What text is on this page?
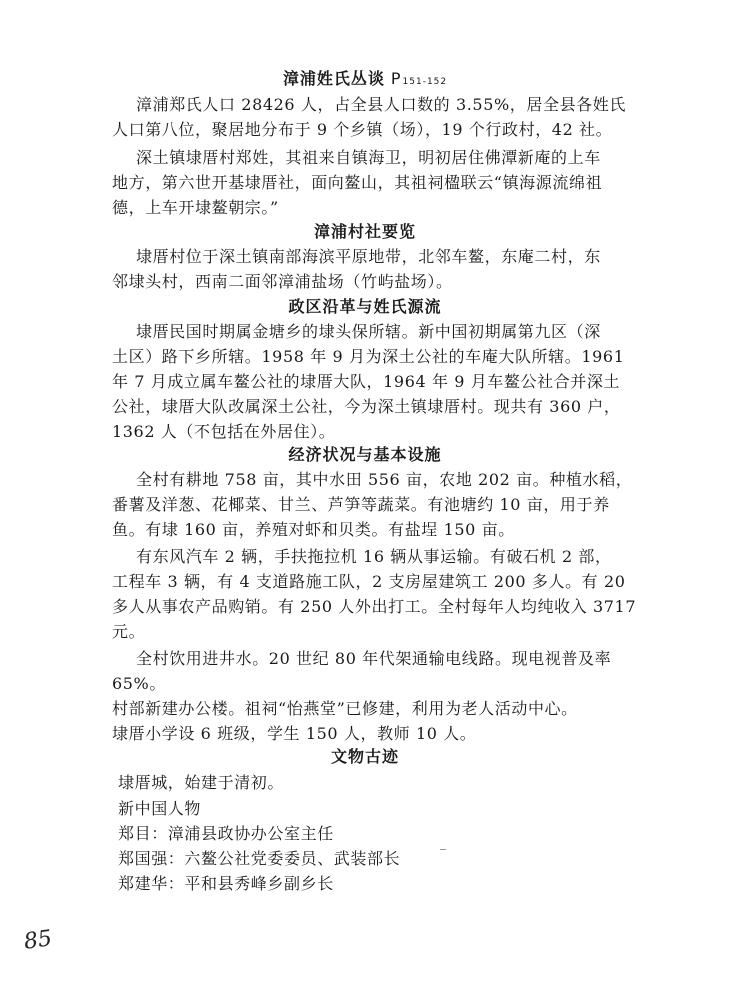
漳浦姓氏丛谈 P151-152
漳浦郑氏人口 28426 人，占全县人口数的 3.55%，居全县各姓氏
人口第八位，聚居地分布于 9 个乡镇（场），19 个行政村，42 社。
深土镇埭厝村郑姓，其祖来自镇海卫，明初居住佛潭新庵的上车
地方，第六世开基埭厝社，面向鳌山，其祖祠楹联云“镇海源流绵祖
德，上车开埭鳌朝宗。”
漳浦村社要览
埭厝村位于深土镇南部海滨平原地带，北邻车鳌，东庵二村，东
邻埭头村，西南二面邻漳浦盐场（竹屿盐场）。
政区沿革与姓氏源流
埭厝民国时期属金塘乡的埭头保所辖。新中国初期属第九区（深
土区）路下乡所辖。1958 年 9 月为深土公社的车庵大队所辖。1961
年 7 月成立属车鳌公社的埭厝大队，1964 年 9 月车鳌公社合并深土
公社，埭厝大队改属深土公社，今为深土镇埭厝村。现共有 360 户，
1362 人（不包括在外居住）。
经济状况与基本设施
全村有耕地 758 亩，其中水田 556 亩，农地 202 亩。种植水稻，
番薯及洋葱、花椰菜、甘兰、芦笋等蔬菜。有池塘约 10 亩，用于养
鱼。有埭 160 亩，养殖对虾和贝类。有盐埕 150 亩。
有东风汽车 2 辆，手扶拖拉机 16 辆从事运输。有破石机 2 部，
工程车 3 辆，有 4 支道路施工队，2 支房屋建筑工 200 多人。有 20
多人从事农产品购销。有 250 人外出打工。全村每年人均纯收入 3717
元。
全村饮用进井水。20 世纪 80 年代架通输电线路。现电视普及率
65%。
村部新建办公楼。祖祠“怡燕堂”已修建，利用为老人活动中心。
埭厝小学设 6 班级，学生 150 人，教师 10 人。
文物古迹
埭厝城，始建于清初。
新中国人物
郑目：漳浦县政协办公室主任
郑国强：六鳌公社党委委员、武装部长
郑建华：平和县秀峰乡副乡长
85
